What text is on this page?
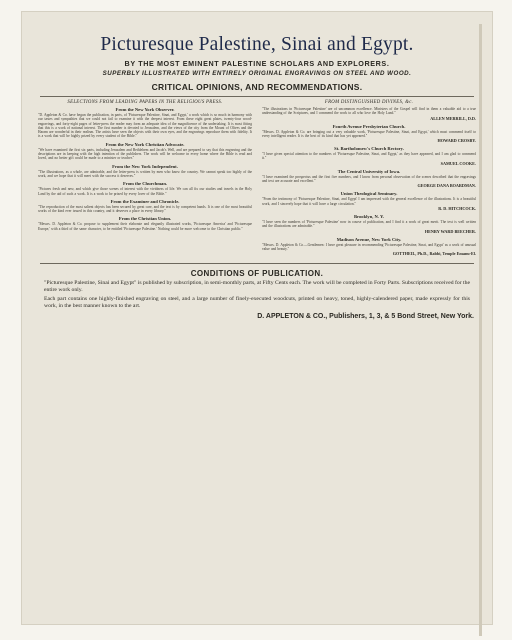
Picturesque Palestine, Sinai and Egypt.
BY THE MOST EMINENT PALESTINE SCHOLARS AND EXPLORERS.
SUPERBLY ILLUSTRATED WITH ENTIRELY ORIGINAL ENGRAVINGS ON STEEL AND WOOD.
CRITICAL OPINIONS, AND RECOMMENDATIONS.
SELECTIONS FROM LEADING PAPERS IN THE RELIGIOUS PRESS.
From the New York Observer.
"D. Appleton & Co. have begun the publication, in parts, of 'Picturesque Palestine, Sinai, and Egypt,' a work which is so much in harmony with our tastes and sympathies that we could not fail to examine it with the deepest interest. From these eight great plates, twenty-four wood-engravings, and forty-eight pages of letter-press the reader may form an adequate idea of the magnificence of the undertaking. It is most fitting that this is a work of national interest. The first number is devoted to Jerusalem, and the views of the city from the Mount of Olives and the Haram are wonderful in their realism. The artists have seen the objects with their own eyes, and the engravings reproduce them with fidelity. It is a work that will be highly prized by every student of the Bible."
From the New York Christian Advocate.
"We have examined the first six parts, including Jerusalem and Bethlehem and Jacob's Well, and are prepared to say that this engraving and the descriptions are in keeping with the high intention of the publishers. The work will be welcome in every home where the Bible is read and loved, and no better gift could be made to a minister or teacher."
From the New York Independent.
"The illustrations, as a whole, are admirable, and the letter-press is written by men who know the country. We cannot speak too highly of the work, and we hope that it will meet with the success it deserves."
From the Churchman.
"Pictures fresh and new, and which give those scenes of interest with the vividness of life. We can all fix our studies and travels in the Holy Land by the aid of such a work. It is a work to be prized by every lover of the Bible."
From the Examiner and Chronicle.
"The reproduction of the most salient objects has been secured by great care, and the text is by competent hands. It is one of the most beautiful works of the kind ever issued in this country, and it deserves a place in every library."
From the Christian Union.
"Messrs. D. Appleton & Co. propose to supplement their elaborate and elegantly illustrated works, 'Picturesque America' and 'Picturesque Europe,' with a third of the same character, to be entitled 'Picturesque Palestine.' Nothing could be more welcome to the Christian public."
FROM DISTINGUISHED DIVINES, &c.
"The illustrations in 'Picturesque Palestine' are of uncommon excellence. Ministers of the Gospel will find in them a valuable aid to a true understanding of the Scriptures, and I commend the work to all who love the Holy Land."
ALLEN MERRILL, D.D.
Fourth Avenue Presbyterian Church.
"Messrs. D. Appleton & Co. are bringing out a very valuable work, 'Picturesque Palestine, Sinai, and Egypt,' which must commend itself to every intelligent reader. It is the best of its kind that has yet appeared."
HOWARD CROSBY.
St. Bartholomew's Church Rectory.
"I have given special attention to the numbers of 'Picturesque Palestine, Sinai, and Egypt,' as they have appeared, and I am glad to commend it."
SAMUEL COOKE.
The Central University of Iowa.
"I have examined the prospectus and the first five numbers, and I know from personal observation of the scenes described that the engravings and text are accurate and excellent."
GEORGE DANA BOARDMAN.
Union Theological Seminary.
"From the testimony of 'Picturesque Palestine, Sinai, and Egypt' I am impressed with the general excellence of the illustrations. It is a beautiful work, and I sincerely hope that it will have a large circulation."
R. D. HITCHCOCK.
Brooklyn, N. Y.
"I have seen the numbers of 'Picturesque Palestine' now in course of publication, and I find it a work of great merit. The text is well written and the illustrations are admirable."
HENRY WARD BEECHER.
Madison Avenue, New York City.
"Messrs. D. Appleton & Co.—Gentlemen: I have great pleasure in recommending 'Picturesque Palestine, Sinai, and Egypt' as a work of unusual value and beauty."
GOTTHEIL, Ph.D., Rabbi, Temple Emanu-El.
CONDITIONS OF PUBLICATION.
"Picturesque Palestine, Sinai and Egypt" is published by subscription, in semi-monthly parts, at Fifty Cents each. The work will be completed in Forty Parts. Subscriptions received for the entire work only.
Each part contains one highly-finished engraving on steel, and a large number of finely-executed woodcuts, printed on heavy, toned, highly-calendered paper, made expressly for this work, in the best manner known to the art.
D. APPLETON & CO., Publishers, 1, 3, & 5 Bond Street, New York.
